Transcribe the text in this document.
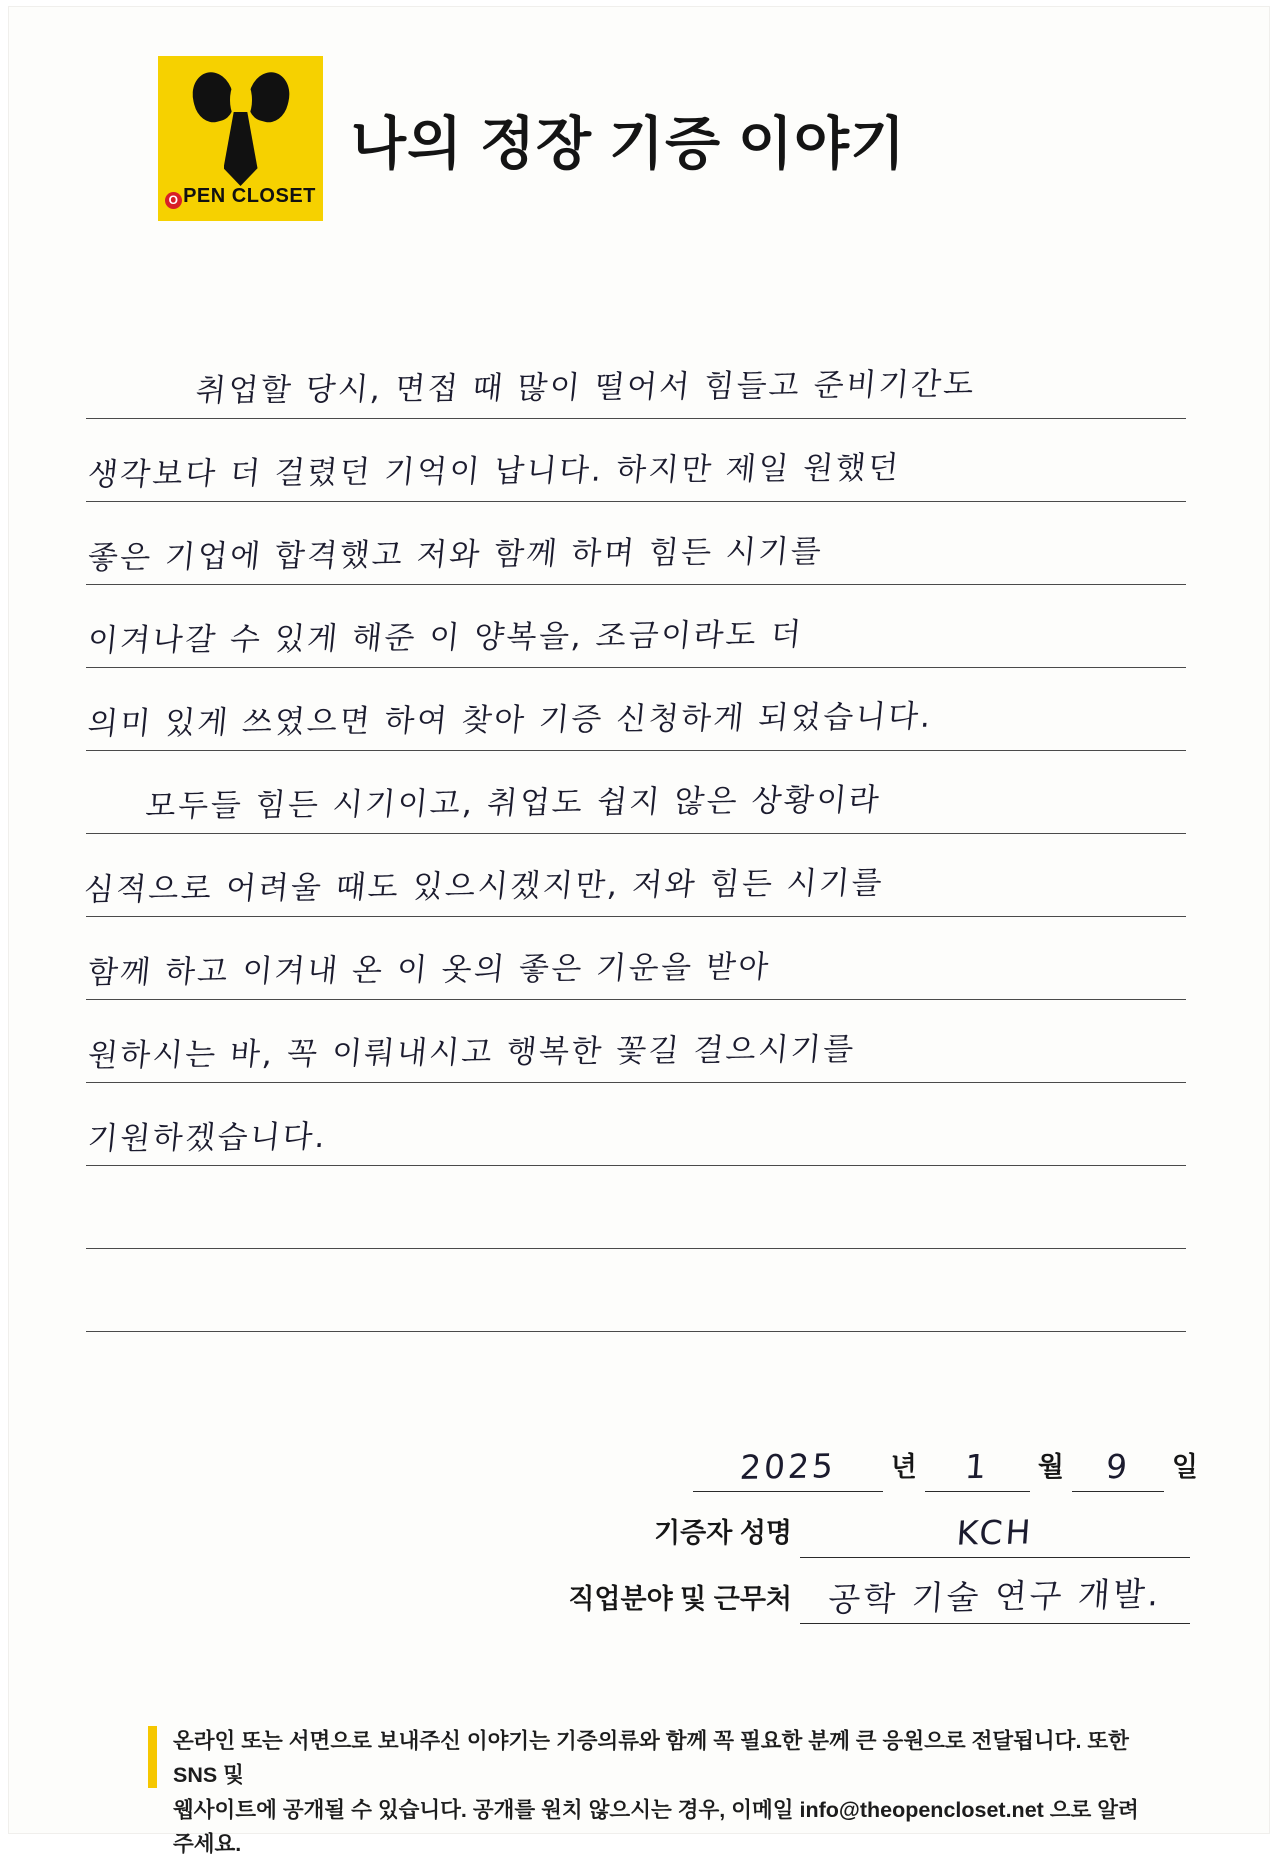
O PEN CLOSET
나의 정장 기증 이야기
취업할 당시, 면접 때 많이 떨어서 힘들고 준비기간도
생각보다 더 걸렸던 기억이 납니다. 하지만 제일 원했던
좋은 기업에 합격했고 저와 함께 하며 힘든 시기를
이겨나갈 수 있게 해준 이 양복을, 조금이라도 더
의미 있게 쓰였으면 하여 찾아 기증 신청하게 되었습니다.
모두들 힘든 시기이고, 취업도 쉽지 않은 상황이라
심적으로 어려울 때도 있으시겠지만, 저와 힘든 시기를
함께 하고 이겨내 온 이 옷의 좋은 기운을 받아
원하시는 바, 꼭 이뤄내시고 행복한 꽃길 걸으시기를
기원하겠습니다.
2025 년 1 월 9 일
기증자 성명	KCH
직업분야 및 근무처 공학 기술 연구 개발.
온라인 또는 서면으로 보내주신 이야기는 기증의류와 함께 꼭 필요한 분께 큰 응원으로 전달됩니다. 또한 SNS 및
웹사이트에 공개될 수 있습니다. 공개를 원치 않으시는 경우, 이메일 info@theopencloset.net 으로 알려주세요.
